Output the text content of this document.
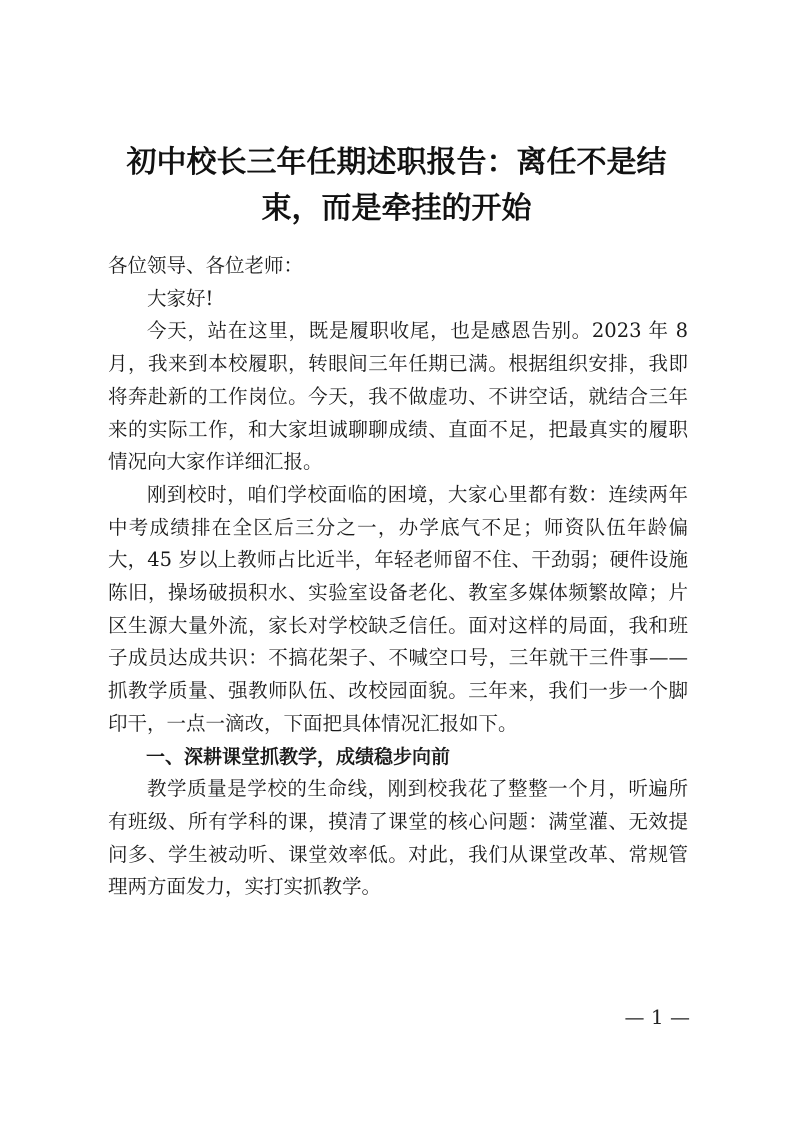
初中校长三年任期述职报告：离任不是结束，而是牵挂的开始

各位领导、各位老师：

大家好!

今天，站在这里，既是履职收尾，也是感恩告别。2023 年 8 月，我来到本校履职，转眼间三年任期已满。根据组织安排，我即将奔赴新的工作岗位。今天，我不做虚功、不讲空话，就结合三年来的实际工作，和大家坦诚聊聊成绩、直面不足，把最真实的履职情况向大家作详细汇报。

刚到校时，咱们学校面临的困境，大家心里都有数：连续两年中考成绩排在全区后三分之一，办学底气不足；师资队伍年龄偏大，45 岁以上教师占比近半，年轻老师留不住、干劲弱；硬件设施陈旧，操场破损积水、实验室设备老化、教室多媒体频繁故障；片区生源大量外流，家长对学校缺乏信任。面对这样的局面，我和班子成员达成共识：不搞花架子、不喊空口号，三年就干三件事——抓教学质量、强教师队伍、改校园面貌。三年来，我们一步一个脚印干，一点一滴改，下面把具体情况汇报如下。

一、深耕课堂抓教学，成绩稳步向前

教学质量是学校的生命线，刚到校我花了整整一个月，听遍所有班级、所有学科的课，摸清了课堂的核心问题：满堂灌、无效提问多、学生被动听、课堂效率低。对此，我们从课堂改革、常规管理两方面发力，实打实抓教学。

— 1 —
